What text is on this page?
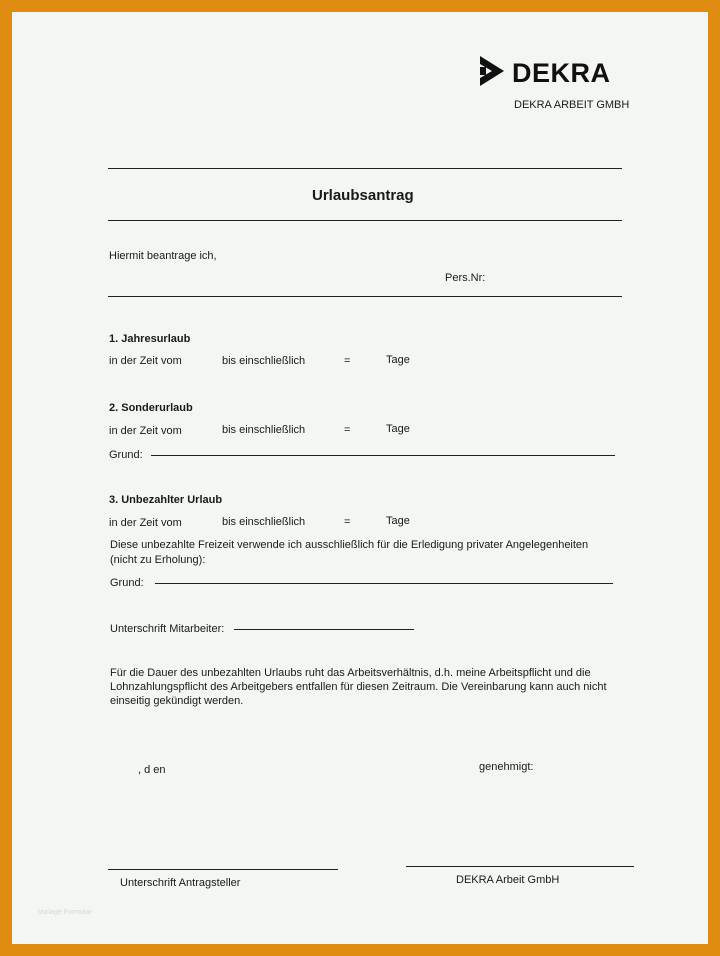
DEKRA
DEKRA ARBEIT GMBH
Urlaubsantrag
Hiermit beantrage ich,
Pers.Nr:
1. Jahresurlaub
in der Zeit vom	bis einschließlich	=	Tage
2. Sonderurlaub
in der Zeit vom	bis einschließlich	=	Tage
Grund:
3. Unbezahlter Urlaub
in der Zeit vom	bis einschließlich	=	Tage
Diese unbezahlte Freizeit verwende ich ausschließlich für die Erledigung privater Angelegenheiten
(nicht zu Erholung):
Grund:
Unterschrift Mitarbeiter:
Für die Dauer des unbezahlten Urlaubs ruht das Arbeitsverhältnis, d.h. meine Arbeitspflicht und die
Lohnzahlungspflicht des Arbeitgebers entfallen für diesen Zeitraum. Die Vereinbarung kann auch nicht
einseitig gekündigt werden.
, d en	genehmigt:
Unterschrift Antragsteller	DEKRA Arbeit GmbH
Vorlage Formular
